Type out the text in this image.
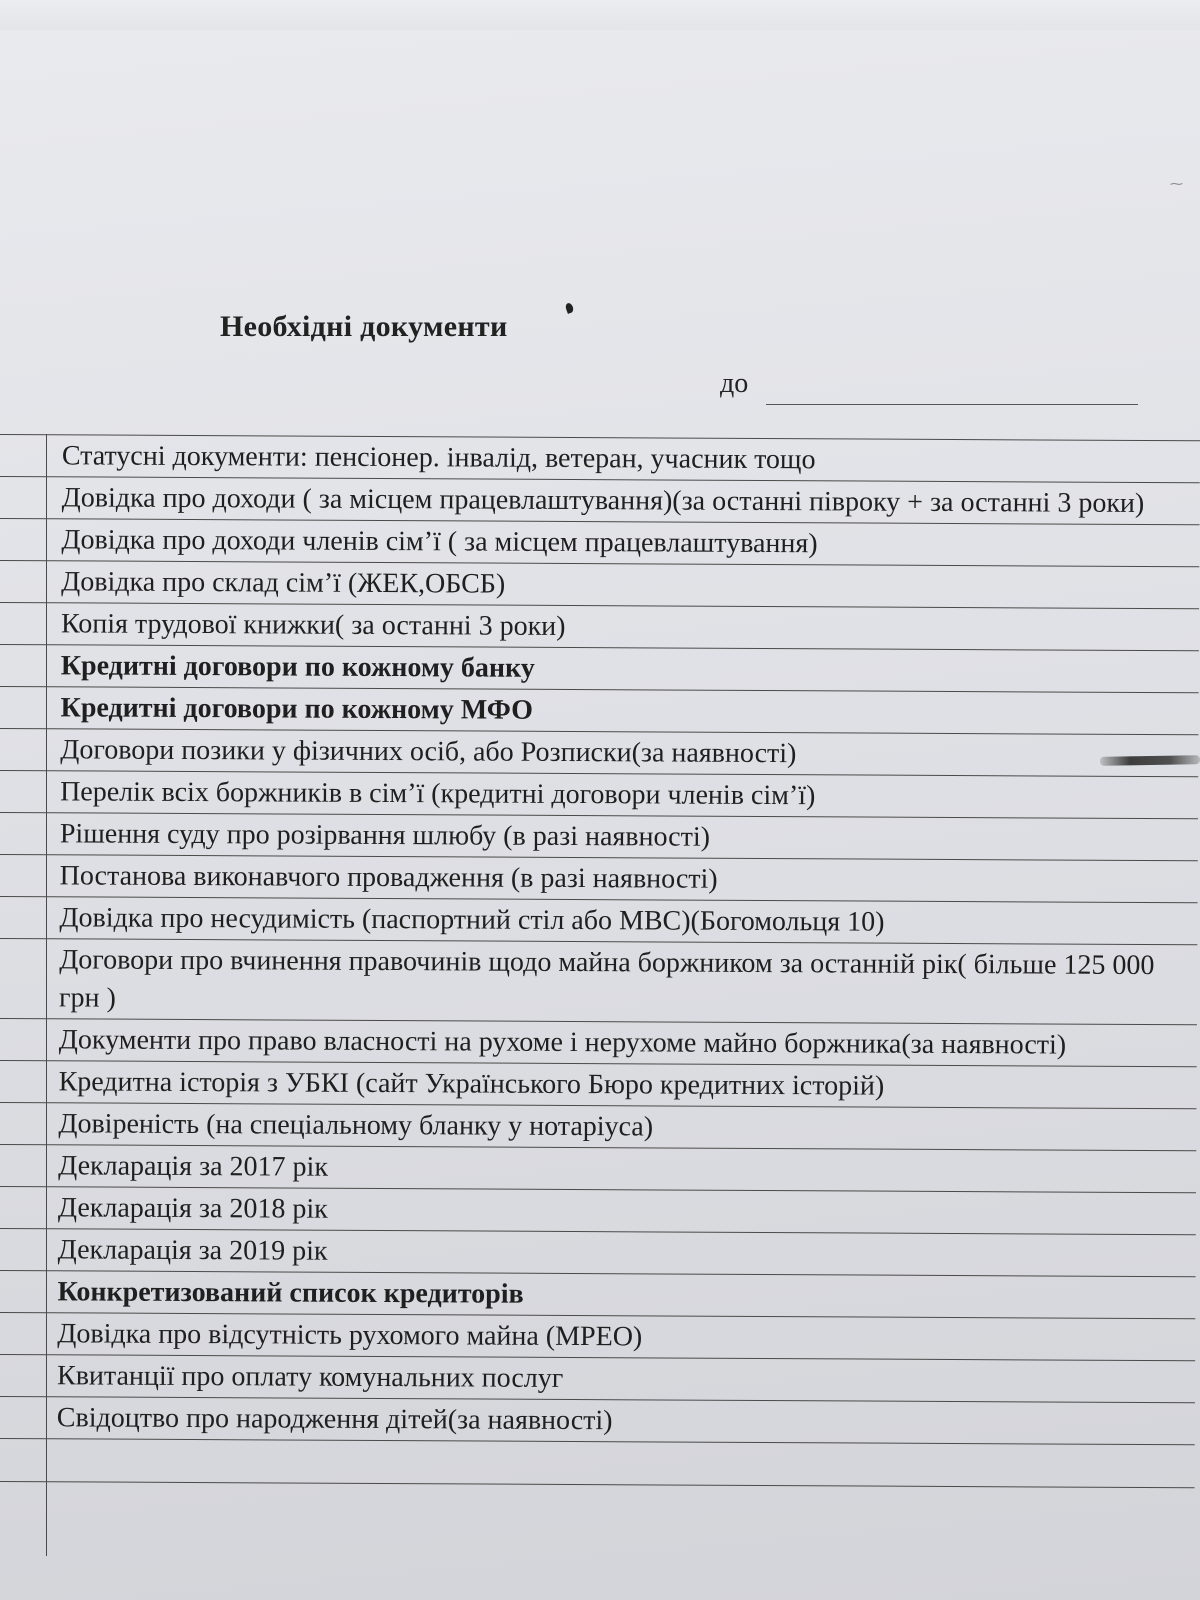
Необхідні документи
до
Статусні документи: пенсіонер. інвалід, ветеран, учасник тощо
Довідка про доходи ( за місцем працевлаштування)(за останні півроку + за останні 3 роки)
Довідка про доходи членів сім’ї ( за місцем працевлаштування)
Довідка про склад сім’ї (ЖЕК,ОБСБ)
Копія трудової книжки( за останні 3 роки)
Кредитні договори по кожному банку
Кредитні договори по кожному МФО
Договори позики у фізичних осіб, або Розписки(за наявності)
Перелік всіх боржників в сім’ї (кредитні договори членів сім’ї)
Рішення суду про розірвання шлюбу (в разі наявності)
Постанова виконавчого провадження (в разі наявності)
Довідка про несудимість (паспортний стіл або МВС)(Богомольця 10)
Договори про вчинення правочинів щодо майна боржником за останній рік( більше 125 000 грн )
Документи про право власності на рухоме і нерухоме майно боржника(за наявності)
Кредитна історія з УБКІ (сайт Українського Бюро кредитних історій)
Довіреність (на спеціальному бланку у нотаріуса)
Декларація за 2017 рік
Декларація за 2018 рік
Декларація за 2019 рік
Конкретизований список кредиторів
Довідка про відсутність рухомого майна (МРЕО)
Квитанції про оплату комунальних послуг
Свідоцтво про народження дітей(за наявності)
⁓
